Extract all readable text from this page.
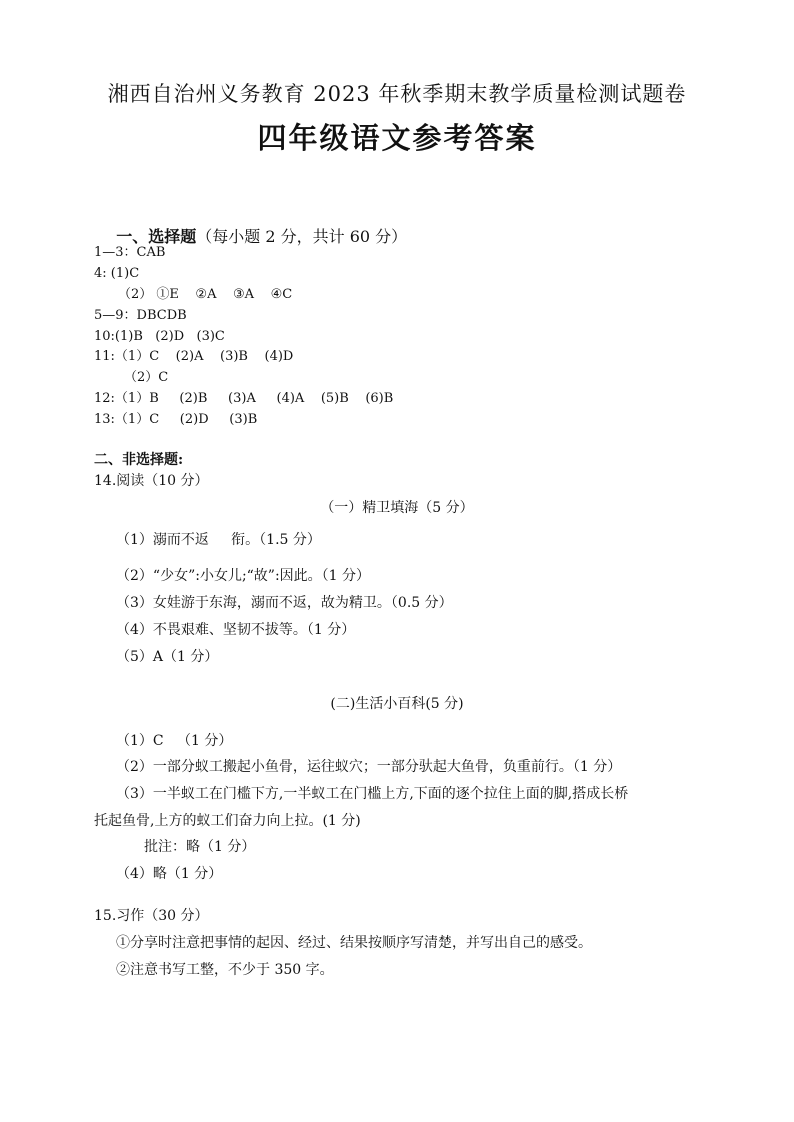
湘西自治州义务教育 2023 年秋季期末教学质量检测试题卷
四年级语文参考答案

一、选择题（每小题 2 分，共计 60 分）

1—3：CAB
4: (1)C
（2） ①E    ②A    ③A    ④C
5—9：DBCDB
10:(1)B   (2)D   (3)C
11:（1）C    (2)A    (3)B    (4)D
（2）C
12:（1）B     (2)B     (3)A     (4)A    (5)B    (6)B
13:（1）C     (2)D     (3)B
二、非选择题:
14.阅读（10 分）
（一）精卫填海（5 分）
（1）溺而不返     衔。（1.5 分）
（2）“少女”:小女儿;“故”:因此。（1 分）
（3）女娃游于东海，溺而不返，故为精卫。（0.5 分）
（4）不畏艰难、坚韧不拔等。（1 分）
（5）A（1 分）
(二)生活小百科(5 分)
（1）C   （1 分）
（2）一部分蚁工搬起小鱼骨，运往蚁穴；一部分驮起大鱼骨，负重前行。（1 分）
（3）一半蚁工在门槛下方,一半蚁工在门槛上方,下面的逐个拉住上面的脚,搭成长桥
托起鱼骨,上方的蚁工们奋力向上拉。(1 分)
批注：略（1 分）
（4）略（1 分）
15.习作（30 分）
①分享时注意把事情的起因、经过、结果按顺序写清楚，并写出自己的感受。
②注意书写工整，不少于 350 字。
